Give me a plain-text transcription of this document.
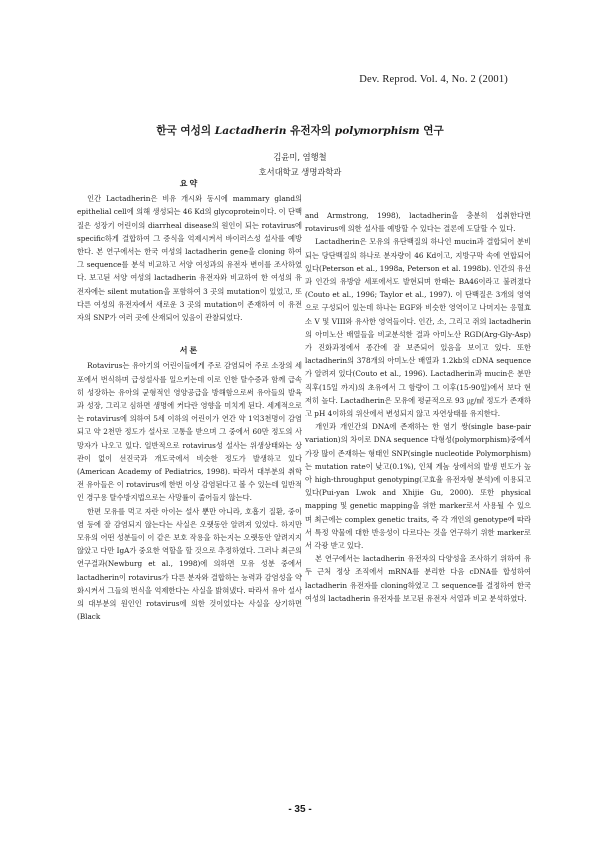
Dev. Reprod. Vol. 4, No. 2 (2001)
한국 여성의 Lactadherin 유전자의 polymorphism 연구
김윤미, 염행철
호서대학교 생명과학과
요약

인간 Lactadherin은 비유 개시와 동시에 mammary gland의 epithelial cell에 의해 생성되는 46 Kd의 glycoprotein이다. 이 단백질은 성장기 어린이의 diarrheal disease의 원인이 되는 rotavirus에 specific하게 결합하여 그 증식을 억제시켜서 바이러스성 설사를 예방한다. 본 연구에서는 한국 여성의 lactadherin gene을 cloning 하여 그 sequence를 분석 비교하고 서양 여성과의 유전자 변이를 조사하였다. 보고된 서양 여성의 lactadherin 유전자와 비교하여 한 여성의 유전자에는 silent mutation을 포함하여 3 곳의 mutation이 있었고, 또 다른 여성의 유전자에서 새로운 3 곳의 mutation이 존재하여 이 유전자의 SNP가 여러 곳에 산재되어 있음이 관찰되었다.

서론

Rotavirus는 유아기의 어린이들에게 주로 감염되어 주로 소장의 세포에서 번식하며 급성설사를 일으키는데 이로 인한 탈수증과 함께 급속히 성장하는 유아의 균형적인 영양공급을 방해함으로써 유아들의 발육과 성장, 그리고 심하면 생명에 커다란 영향을 미치게 된다. 세계적으로는 rotavirus에 의하여 5세 이하의 어린이가 연간 약 1억3천명이 감염되고 약 2천만 정도가 설사로 고통을 받으며 그 중에서 60만 정도의 사망자가 나오고 있다. 일반적으로 rotavirus성 설사는 위생상태와는 상관이 없이 선진국과 개도국에서 비슷한 정도가 발생하고 있다(American Academy of Pediatrics, 1998). 따라서 대부분의 취학전 유아들은 이 rotavirus에 한번 이상 감염된다고 볼 수 있는데 일반적인 경구용 탈수방지법으로는 사망률이 줄어들지 않는다.

한편 모유를 먹고 자란 아이는 설사 뿐만 아니라, 호흡기 질환, 중이염 등에 잘 감염되지 않는다는 사실은 오랫동안 알려져 있었다. 하지만 모유의 어떤 성분들이 이 같은 보호 작용을 하는지는 오랫동안 알려지지 않았고 다만 IgA가 중요한 역할을 할 것으로 추정하였다. 그러나 최근의 연구결과(Newburg et al., 1998)에 의하면 모유 성분 중에서 lactadherin이 rotavirus가 다른 분자와 결합하는 능력과 감염성을 약화시켜서 그들의 번식을 억제한다는 사실을 밝혀냈다. 따라서 유아 설사의 대부분의 원인인 rotavirus에 의한 것이었다는 사실을 상기하면(Black

and Armstrong, 1998), lactadherin을 충분히 섭취한다면 rotavirus에 의한 설사를 예방할 수 있다는 결론에 도달할 수 있다.

Lactadherin은 모유의 유단백질의 하나인 mucin과 결합되어 분비되는 당단백질의 하나로 분자량이 46 Kd이고, 지방구막 속에 연합되어 있다(Peterson et al., 1998a, Peterson et al. 1998b). 인간의 유선과 인간의 유방암 세포에서도 발현되며 한때는 BA46이라고 불려졌다(Couto et al., 1996; Taylor et al., 1997). 이 단백질은 3개의 영역으로 구성되어 있는데 하나는 EGF와 비슷한 영역이고 나머지는 응혈효소 V 및 VIII와 유사한 영역들이다. 인간, 소, 그리고 쥐의 lactadherin의 아미노산 배열들을 비교분석한 결과 아미노산 RGD(Arg-Gly-Asp)가 진화과정에서 종간에 잘 보존되어 있음을 보이고 있다. 또한 lactadherin의 378개의 아미노산 배열과 1.2kb의 cDNA sequence가 알려져 있다(Couto et al., 1996). Lactadherin과 mucin은 분만 직후(15일 까지)의 초유에서 그 함량이 그 이후(15-90일)에서 보다 현저히 높다. Lactadherin은 모유에 평균적으로 93 ㎍/㎖ 정도가 존재하고 pH 4이하의 위산에서 변성되지 않고 자연상태를 유지한다.

개인과 개인간의 DNA에 존재하는 한 염기 쌍(single base-pair variation)의 차이로 DNA sequence 다형성(polymorphism)중에서 가장 많이 존재하는 형태인 SNP(single nucleotide Polymorphism)는 mutation rate이 낮고(0.1%), 인체 게놈 상에서의 발생 빈도가 높아 high-throughput genotyping(고효율 유전자형 분석)에 이용되고 있다(Pui-yan Lwok and Xhijie Gu, 2000). 또한 physical mapping 및 genetic mapping을 위한 marker로서 사용될 수 있으며 최근에는 complex genetic traits, 즉 각 개인의 genotype에 따라서 특정 약물에 대한 반응성이 다르다는 것을 연구하기 위한 marker로서 각광 받고 있다.

본 연구에서는 lactadherin 유전자의 다양성을 조사하기 위하여 유두 근처 정상 조직에서 mRNA를 분리한 다음 cDNA를 합성하여 lactadherin 유전자를 cloning하였고 그 sequence를 결정하여 한국 여성의 lactadherin 유전자를 보고된 유전자 서열과 비교 분석하였다.

- 35 -
